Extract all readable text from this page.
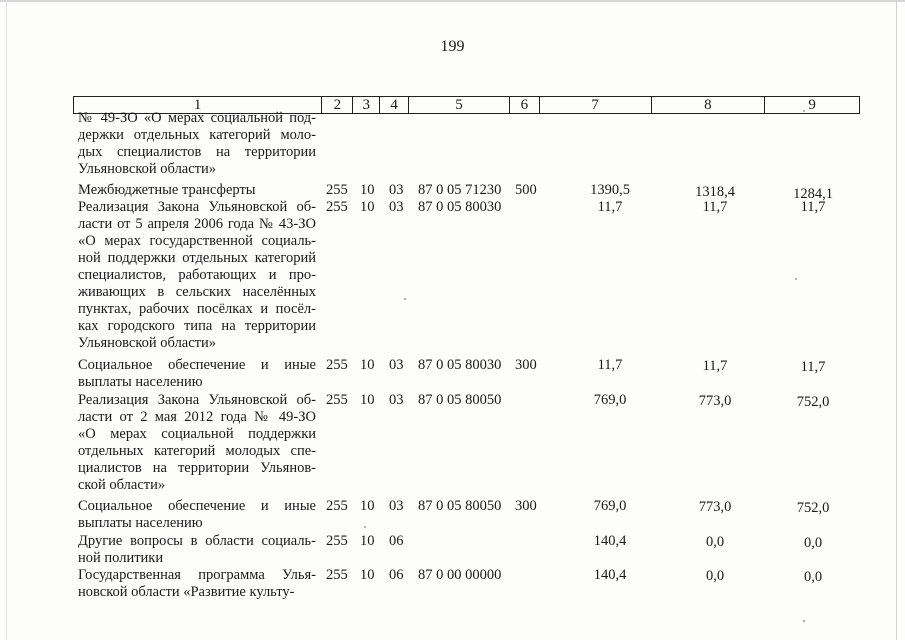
199
1	2	3	4	5	6	7	8	9
№ 49-ЗО «О мерах социальной под-
держки отдельных категорий моло-
дых специалистов на территории
Ульяновской области»
Межбюджетные трансферты	255 10 03 87 0 05 71230 500	1390,5	1318,4	1284,1
Реализация Закона Ульяновской об-
ласти от 5 апреля 2006 года № 43-ЗО
«О мерах государственной социаль-
ной поддержки отдельных категорий
специалистов, работающих и про-
живающих в сельских населённых
пунктах, рабочих посёлках и посёл-
ках городского типа на территории
Ульяновской области»
255 10 03 87 0 05 80030	11,7	11,7	11,7
Социальное обеспечение и иные
выплаты населению
255 10 03 87 0 05 80030 300	11,7	11,7	11,7
Реализация Закона Ульяновской об-
ласти от 2 мая 2012 года № 49-ЗО
«О мерах социальной поддержки
отдельных категорий молодых спе-
циалистов на территории Ульянов-
ской области»
255 10 03 87 0 05 80050	769,0	773,0	752,0
Социальное обеспечение и иные
выплаты населению
255 10 03 87 0 05 80050 300	769,0	773,0	752,0
Другие вопросы в области социаль-
ной политики
255 10 06	140,4	0,0	0,0
Государственная программа Улья-
новской области «Развитие культу-
255 10 06 87 0 00 00000	140,4	0,0	0,0
